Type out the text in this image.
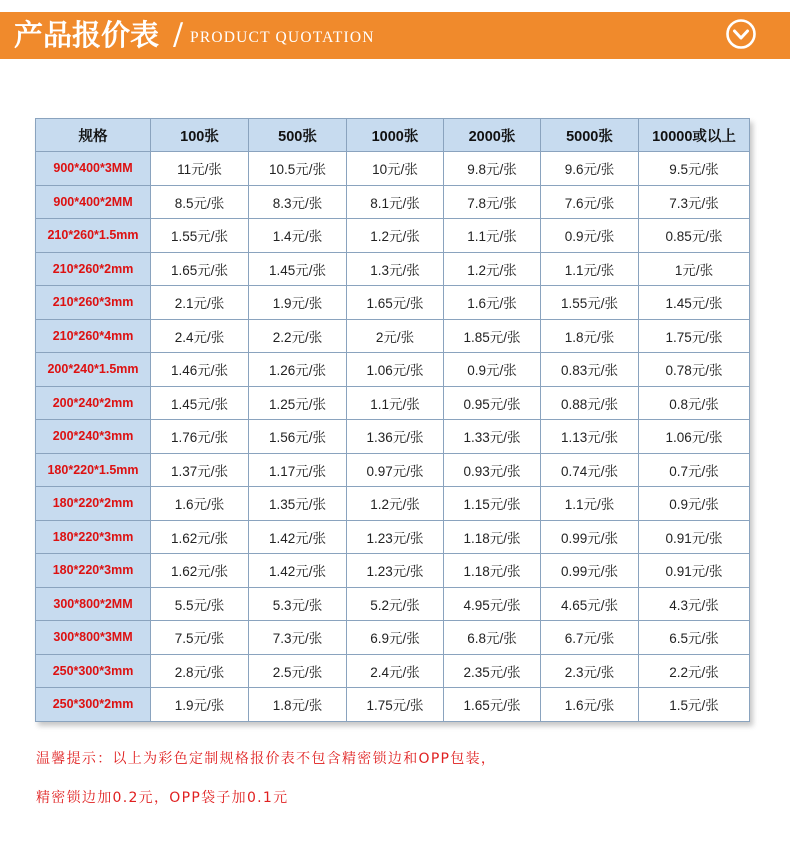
产品报价表 / PRODUCT QUOTATION
规格	100张	500张	1000张	2000张	5000张	10000或以上
900*400*3MM	11元/张	10.5元/张	10元/张	9.8元/张	9.6元/张	9.5元/张
900*400*2MM	8.5元/张	8.3元/张	8.1元/张	7.8元/张	7.6元/张	7.3元/张
210*260*1.5mm	1.55元/张	1.4元/张	1.2元/张	1.1元/张	0.9元/张	0.85元/张
210*260*2mm	1.65元/张	1.45元/张	1.3元/张	1.2元/张	1.1元/张	1元/张
210*260*3mm	2.1元/张	1.9元/张	1.65元/张	1.6元/张	1.55元/张	1.45元/张
210*260*4mm	2.4元/张	2.2元/张	2元/张	1.85元/张	1.8元/张	1.75元/张
200*240*1.5mm	1.46元/张	1.26元/张	1.06元/张	0.9元/张	0.83元/张	0.78元/张
200*240*2mm	1.45元/张	1.25元/张	1.1元/张	0.95元/张	0.88元/张	0.8元/张
200*240*3mm	1.76元/张	1.56元/张	1.36元/张	1.33元/张	1.13元/张	1.06元/张
180*220*1.5mm	1.37元/张	1.17元/张	0.97元/张	0.93元/张	0.74元/张	0.7元/张
180*220*2mm	1.6元/张	1.35元/张	1.2元/张	1.15元/张	1.1元/张	0.9元/张
180*220*3mm	1.62元/张	1.42元/张	1.23元/张	1.18元/张	0.99元/张	0.91元/张
180*220*3mm	1.62元/张	1.42元/张	1.23元/张	1.18元/张	0.99元/张	0.91元/张
300*800*2MM	5.5元/张	5.3元/张	5.2元/张	4.95元/张	4.65元/张	4.3元/张
300*800*3MM	7.5元/张	7.3元/张	6.9元/张	6.8元/张	6.7元/张	6.5元/张
250*300*3mm	2.8元/张	2.5元/张	2.4元/张	2.35元/张	2.3元/张	2.2元/张
250*300*2mm	1.9元/张	1.8元/张	1.75元/张	1.65元/张	1.6元/张	1.5元/张
温馨提示：以上为彩色定制规格报价表不包含精密锁边和OPP包装，
精密锁边加0.2元，OPP袋子加0.1元
